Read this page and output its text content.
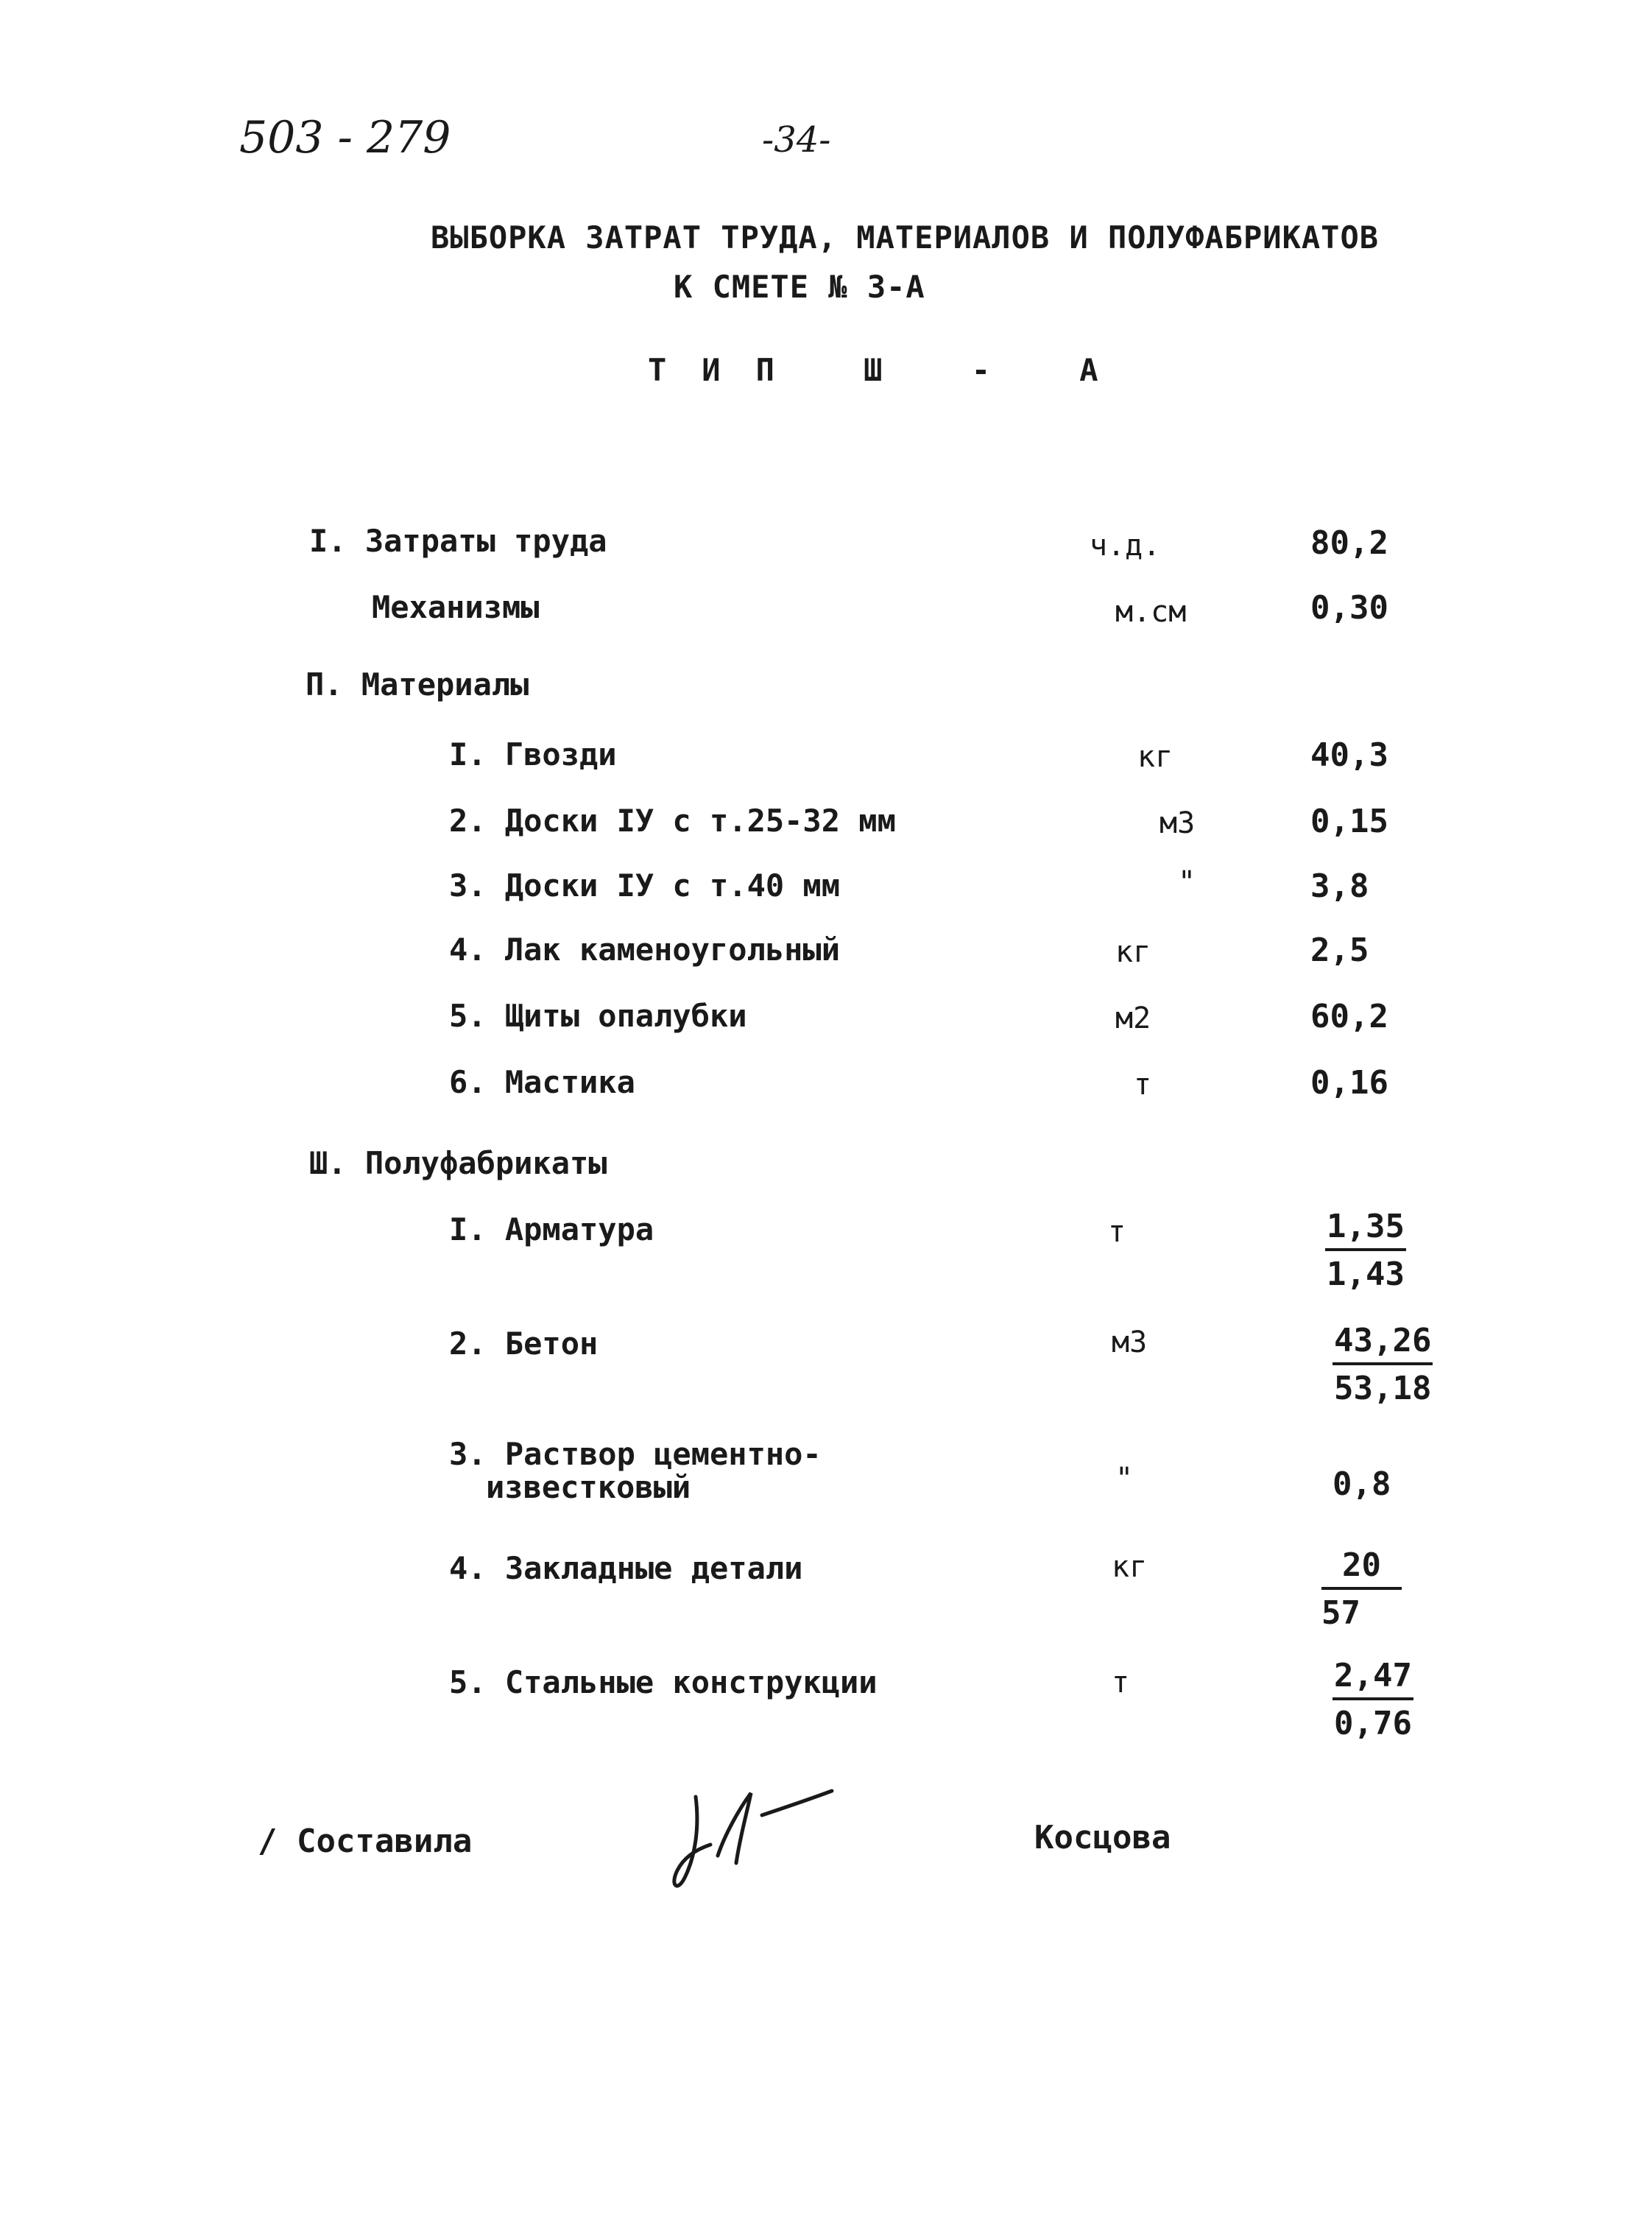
503 - 279	-34-
ВЫБОРКА ЗАТРАТ ТРУДА, МАТЕРИАЛОВ И ПОЛУФАБРИКАТОВ
К СМЕТЕ № 3-А
ТИП Ш - А
I. Затраты труда	ч.д.	80,2
Механизмы	м.см	0,30
П. Материалы
I. Гвозди	кг	40,3
2. Доски IУ с т.25-32 мм	м3	0,15
3. Доски IУ с т.40 мм	"	3,8
4. Лак каменоугольный	кг	2,5
5. Щиты опалубки	м2	60,2
6. Мастика	т	0,16
Ш. Полуфабрикаты
I. Арматура	т	$\frac{1,35}{1,43}$
2. Бетон	м3	$\frac{43,26}{53,18}$
3. Раствор цементно-
известковый	"	0,8
4. Закладные детали	кг	$\frac{20}{57}$
5. Стальные конструкции	т	$\frac{2,47}{0,76}$
/ Составила	Косцова
